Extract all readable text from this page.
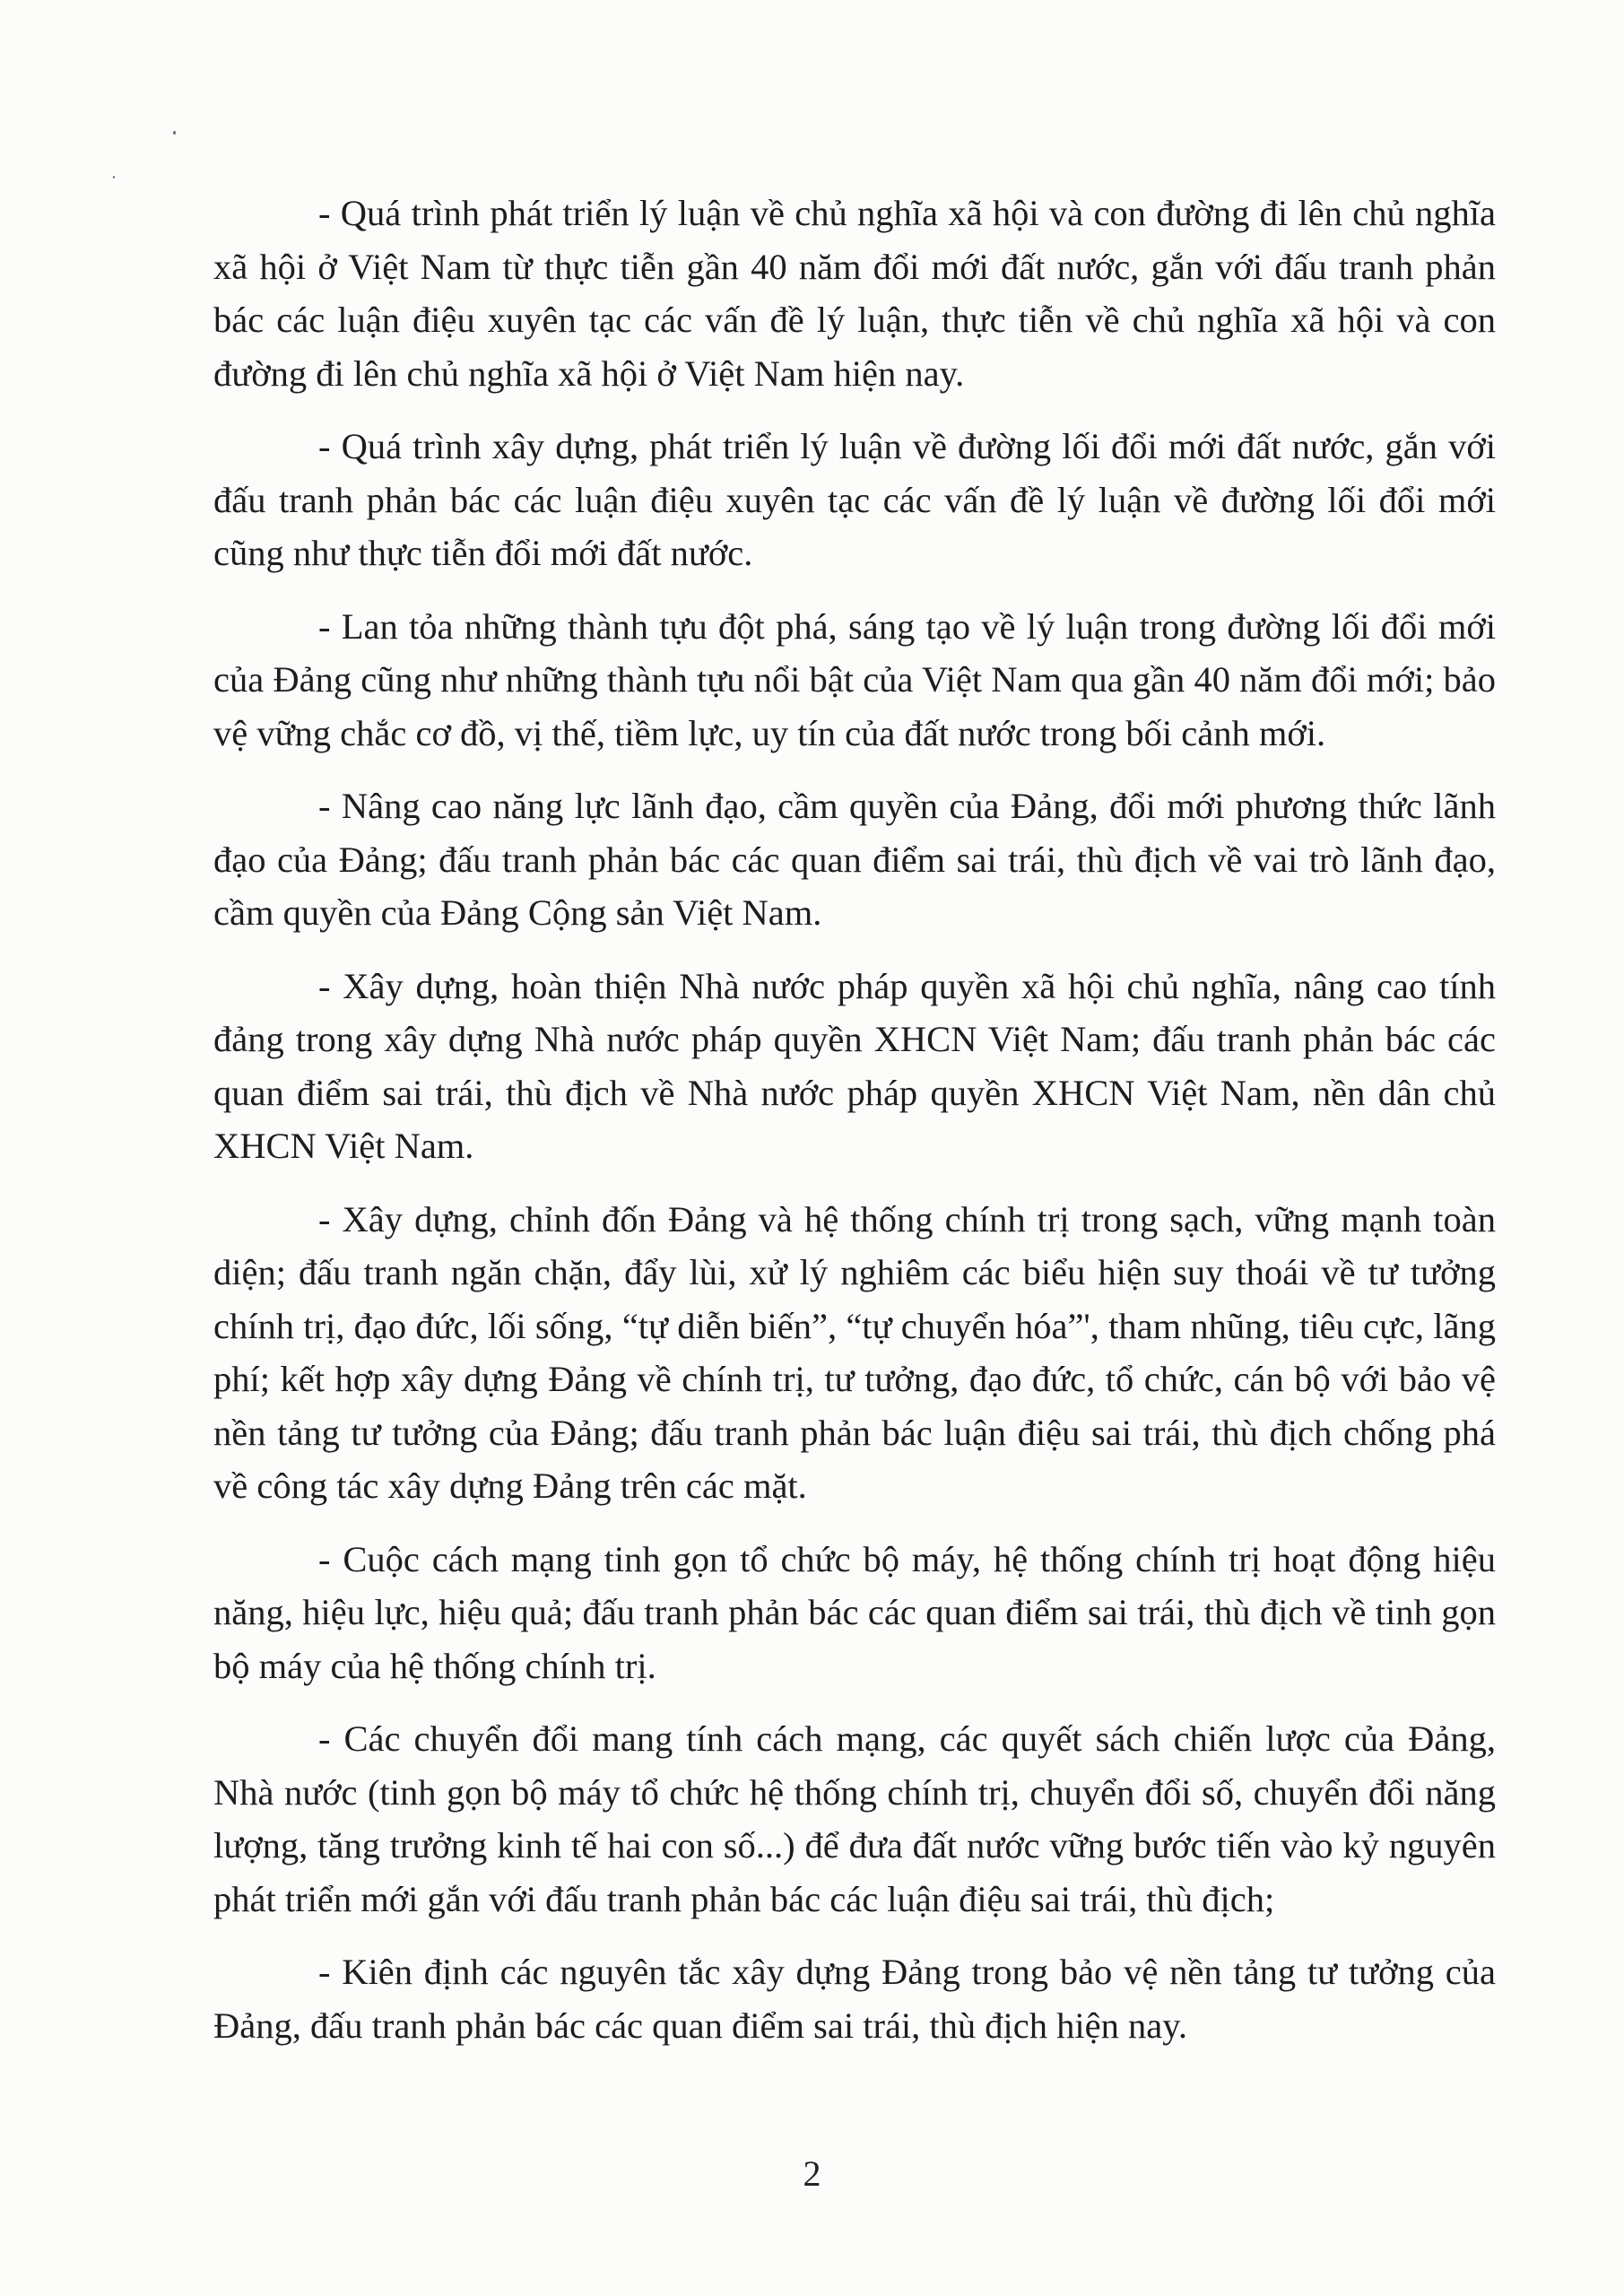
- Quá trình phát triển lý luận về chủ nghĩa xã hội và con đường đi lên chủ nghĩa xã hội ở Việt Nam từ thực tiễn gần 40 năm đổi mới đất nước, gắn với đấu tranh phản bác các luận điệu xuyên tạc các vấn đề lý luận, thực tiễn về chủ nghĩa xã hội và con đường đi lên chủ nghĩa xã hội ở Việt Nam hiện nay.

- Quá trình xây dựng, phát triển lý luận về đường lối đổi mới đất nước, gắn với đấu tranh phản bác các luận điệu xuyên tạc các vấn đề lý luận về đường lối đổi mới cũng như thực tiễn đổi mới đất nước.

- Lan tỏa những thành tựu đột phá, sáng tạo về lý luận trong đường lối đổi mới của Đảng cũng như những thành tựu nổi bật của Việt Nam qua gần 40 năm đổi mới; bảo vệ vững chắc cơ đồ, vị thế, tiềm lực, uy tín của đất nước trong bối cảnh mới.

- Nâng cao năng lực lãnh đạo, cầm quyền của Đảng, đổi mới phương thức lãnh đạo của Đảng; đấu tranh phản bác các quan điểm sai trái, thù địch về vai trò lãnh đạo, cầm quyền của Đảng Cộng sản Việt Nam.

- Xây dựng, hoàn thiện Nhà nước pháp quyền xã hội chủ nghĩa, nâng cao tính đảng trong xây dựng Nhà nước pháp quyền XHCN Việt Nam; đấu tranh phản bác các quan điểm sai trái, thù địch về Nhà nước pháp quyền XHCN Việt Nam, nền dân chủ XHCN Việt Nam.

- Xây dựng, chỉnh đốn Đảng và hệ thống chính trị trong sạch, vững mạnh toàn diện; đấu tranh ngăn chặn, đẩy lùi, xử lý nghiêm các biểu hiện suy thoái về tư tưởng chính trị, đạo đức, lối sống, “tự diễn biến”, “tự chuyển hóa”', tham nhũng, tiêu cực, lãng phí; kết hợp xây dựng Đảng về chính trị, tư tưởng, đạo đức, tổ chức, cán bộ với bảo vệ nền tảng tư tưởng của Đảng; đấu tranh phản bác luận điệu sai trái, thù địch chống phá về công tác xây dựng Đảng trên các mặt.

- Cuộc cách mạng tinh gọn tổ chức bộ máy, hệ thống chính trị hoạt động hiệu năng, hiệu lực, hiệu quả; đấu tranh phản bác các quan điểm sai trái, thù địch về tinh gọn bộ máy của hệ thống chính trị.

- Các chuyển đổi mang tính cách mạng, các quyết sách chiến lược của Đảng, Nhà nước (tinh gọn bộ máy tổ chức hệ thống chính trị, chuyển đổi số, chuyển đổi năng lượng, tăng trưởng kinh tế hai con số...) để đưa đất nước vững bước tiến vào kỷ nguyên phát triển mới gắn với đấu tranh phản bác các luận điệu sai trái, thù địch;

- Kiên định các nguyên tắc xây dựng Đảng trong bảo vệ nền tảng tư tưởng của Đảng, đấu tranh phản bác các quan điểm sai trái, thù địch hiện nay.

2
